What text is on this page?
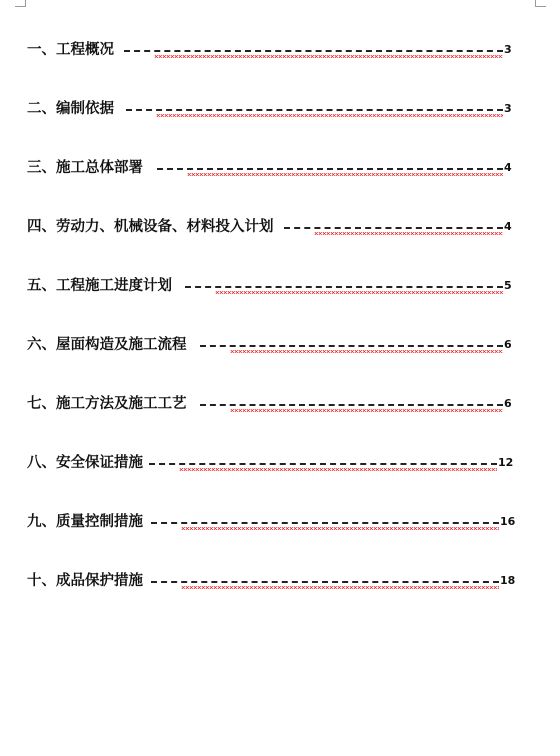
一、工程概况	3
二、编制依据	3
三、施工总体部署	4
四、劳动力、机械设备、材料投入计划	4
五、工程施工进度计划	5
六、屋面构造及施工流程	6
七、施工方法及施工工艺	6
八、安全保证措施	12
九、质量控制措施	16
十、成品保护措施	18
